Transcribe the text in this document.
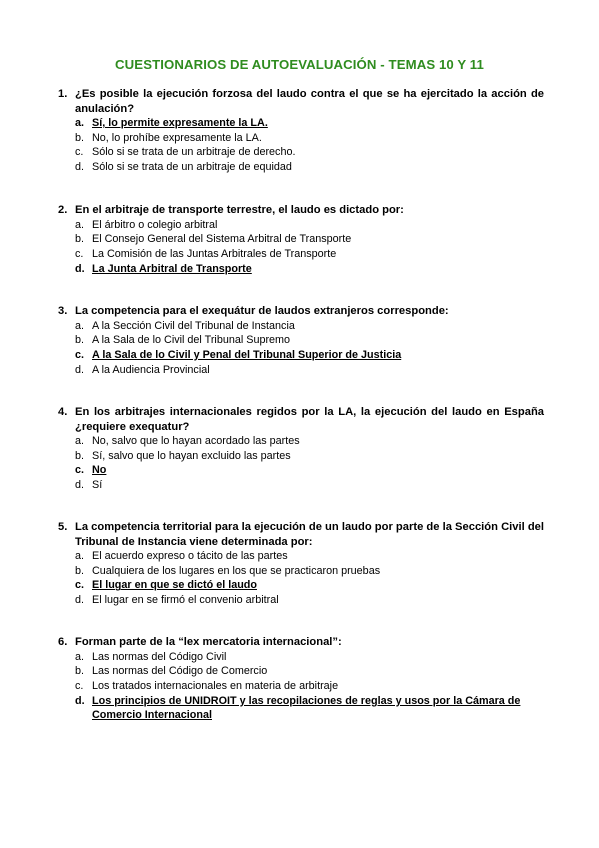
CUESTIONARIOS DE AUTOEVALUACIÓN - TEMAS 10 Y 11
1. ¿Es posible la ejecución forzosa del laudo contra el que se ha ejercitado la acción de anulación?
a. Sí, lo permite expresamente la LA.
b. No, lo prohíbe expresamente la LA.
c. Sólo si se trata de un arbitraje de derecho.
d. Sólo si se trata de un arbitraje de equidad
2. En el arbitraje de transporte terrestre, el laudo es dictado por:
a. El árbitro o colegio arbitral
b. El Consejo General del Sistema Arbitral de Transporte
c. La Comisión de las Juntas Arbitrales de Transporte
d. La Junta Arbitral de Transporte
3. La competencia para el exequátur de laudos extranjeros corresponde:
a. A la Sección Civil del Tribunal de Instancia
b. A la Sala de lo Civil del Tribunal Supremo
c. A la Sala de lo Civil y Penal del Tribunal Superior de Justicia
d. A la Audiencia Provincial
4. En los arbitrajes internacionales regidos por la LA, la ejecución del laudo en España ¿requiere exequatur?
a. No, salvo que lo hayan acordado las partes
b. Sí, salvo que lo hayan excluido las partes
c. No
d. Sí
5. La competencia territorial para la ejecución de un laudo por parte de la Sección Civil del Tribunal de Instancia viene determinada por:
a. El acuerdo expreso o tácito de las partes
b. Cualquiera de los lugares en los que se practicaron pruebas
c. El lugar en que se dictó el laudo
d. El lugar en se firmó el convenio arbitral
6. Forman parte de la “lex mercatoria internacional”:
a. Las normas del Código Civil
b. Las normas del Código de Comercio
c. Los tratados internacionales en materia de arbitraje
d. Los principios de UNIDROIT y las recopilaciones de reglas y usos por la Cámara de Comercio Internacional
